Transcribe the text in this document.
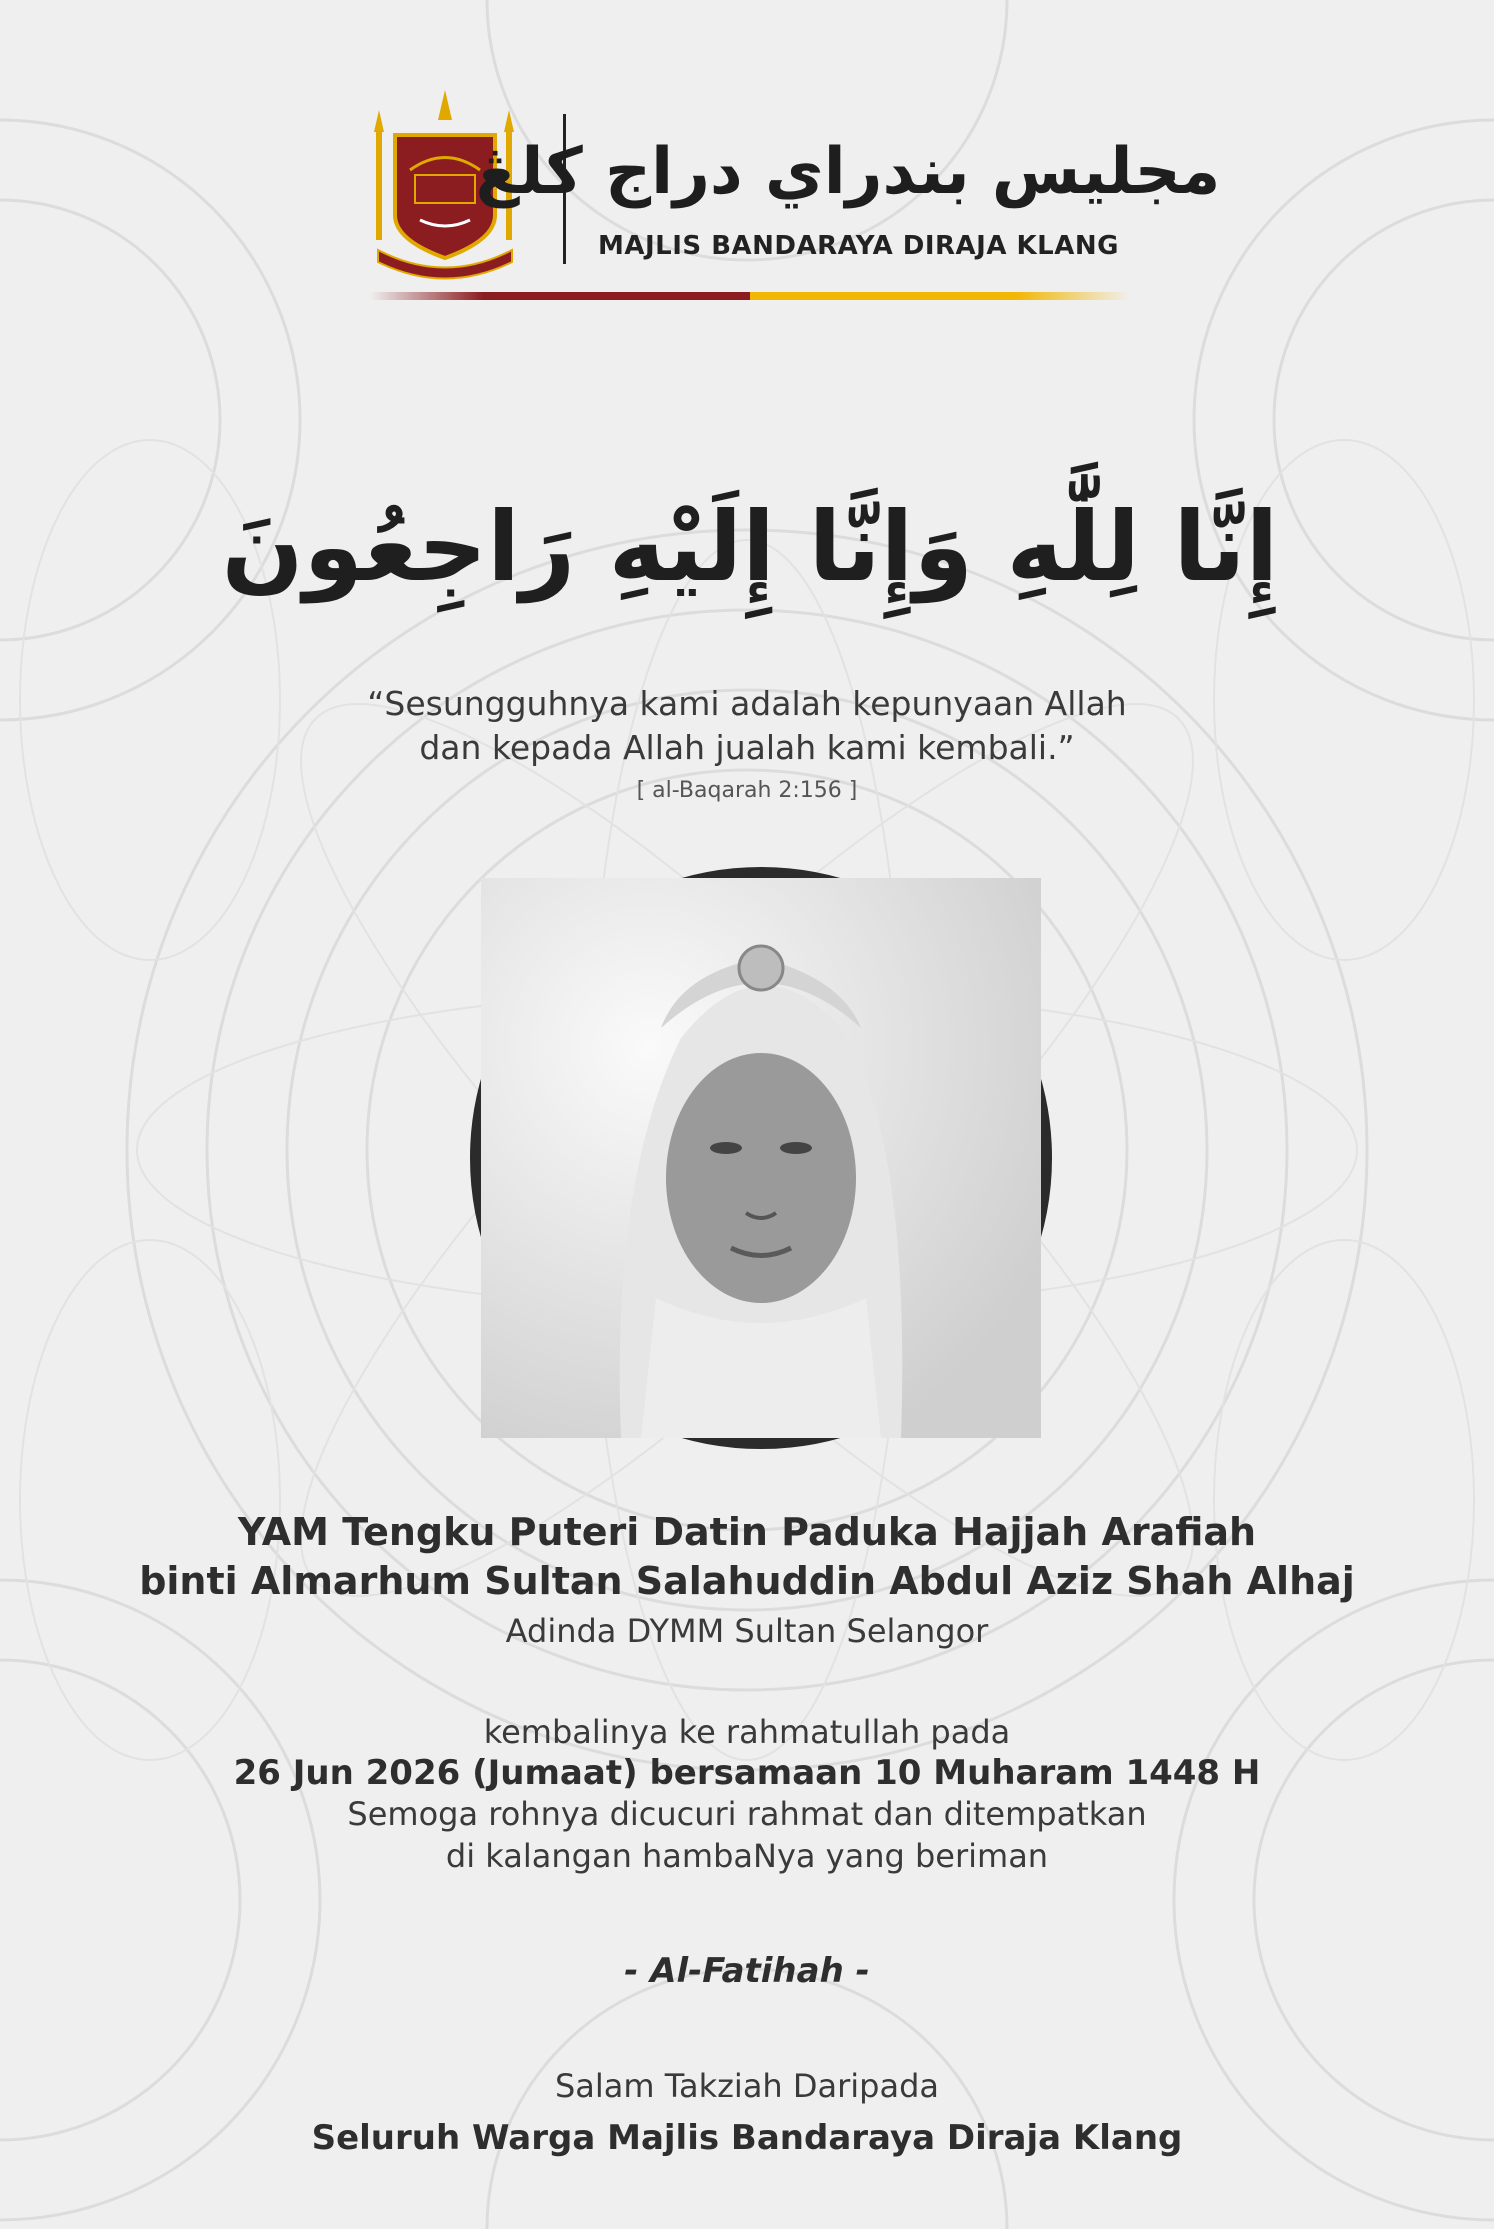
مجليس بندراي دراج کلڠ
MAJLIS BANDARAYA DIRAJA KLANG
إِنَّا لِلَّٰهِ وَإِنَّا إِلَيْهِ رَاجِعُونَ
“Sesungguhnya kami adalah kepunyaan Allah
dan kepada Allah jualah kami kembali.”
[ al-Baqarah 2:156 ]
YAM Tengku Puteri Datin Paduka Hajjah Arafiah
binti Almarhum Sultan Salahuddin Abdul Aziz Shah Alhaj
Adinda DYMM Sultan Selangor
kembalinya ke rahmatullah pada
26 Jun 2026 (Jumaat) bersamaan 10 Muharam 1448 H
Semoga rohnya dicucuri rahmat dan ditempatkan
di kalangan hambaNya yang beriman
- Al-Fatihah -
Salam Takziah Daripada
Seluruh Warga Majlis Bandaraya Diraja Klang
